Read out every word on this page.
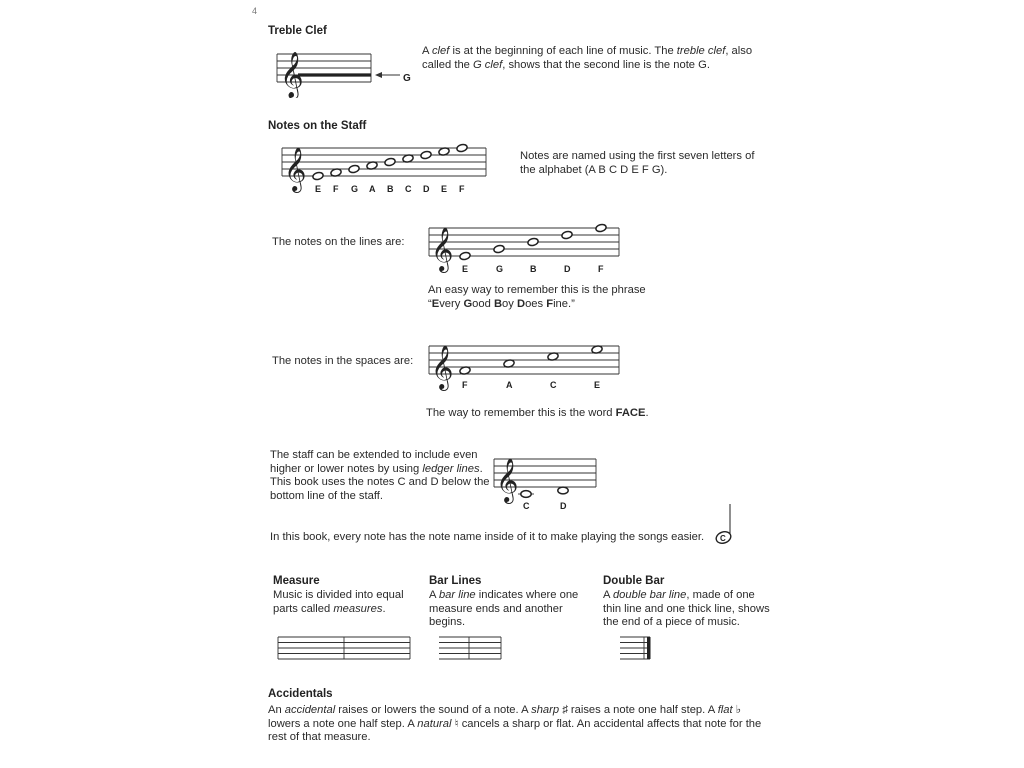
4
Treble Clef
𝄞	G

A clef is at the beginning of each line of music. The treble clef, also called the G clef, shows that the second line is the note G.

Notes on the Staff
𝄞 E F G A B C D E F

Notes are named using the first seven letters of the alphabet (A B C D E F G).

The notes on the lines are: 𝄞 E	G	B	D	F

An easy way to remember this is the phrase
“Every Good Boy Does Fine.”

The notes in the spaces are: 𝄞 F	A	C	E

The way to remember this is the word FACE.

The staff can be extended to include even higher or lower notes by using ledger lines. This book uses the notes C and D below the bottom line of the staff.	𝄞
C	D

In this book, every note has the note name inside of it to make playing the songs easier. C
Measure

Music is divided into equal parts called measures.

Bar Lines

A bar line indicates where one measure ends and another begins.

Double Bar

A double bar line, made of one thin line and one thick line, shows the end of a piece of music.

Accidentals

An accidental raises or lowers the sound of a note. A sharp ♯ raises a note one half step. A flat ♭ lowers a note one half step. A natural ♮ cancels a sharp or flat. An accidental affects that note for the rest of that measure.
